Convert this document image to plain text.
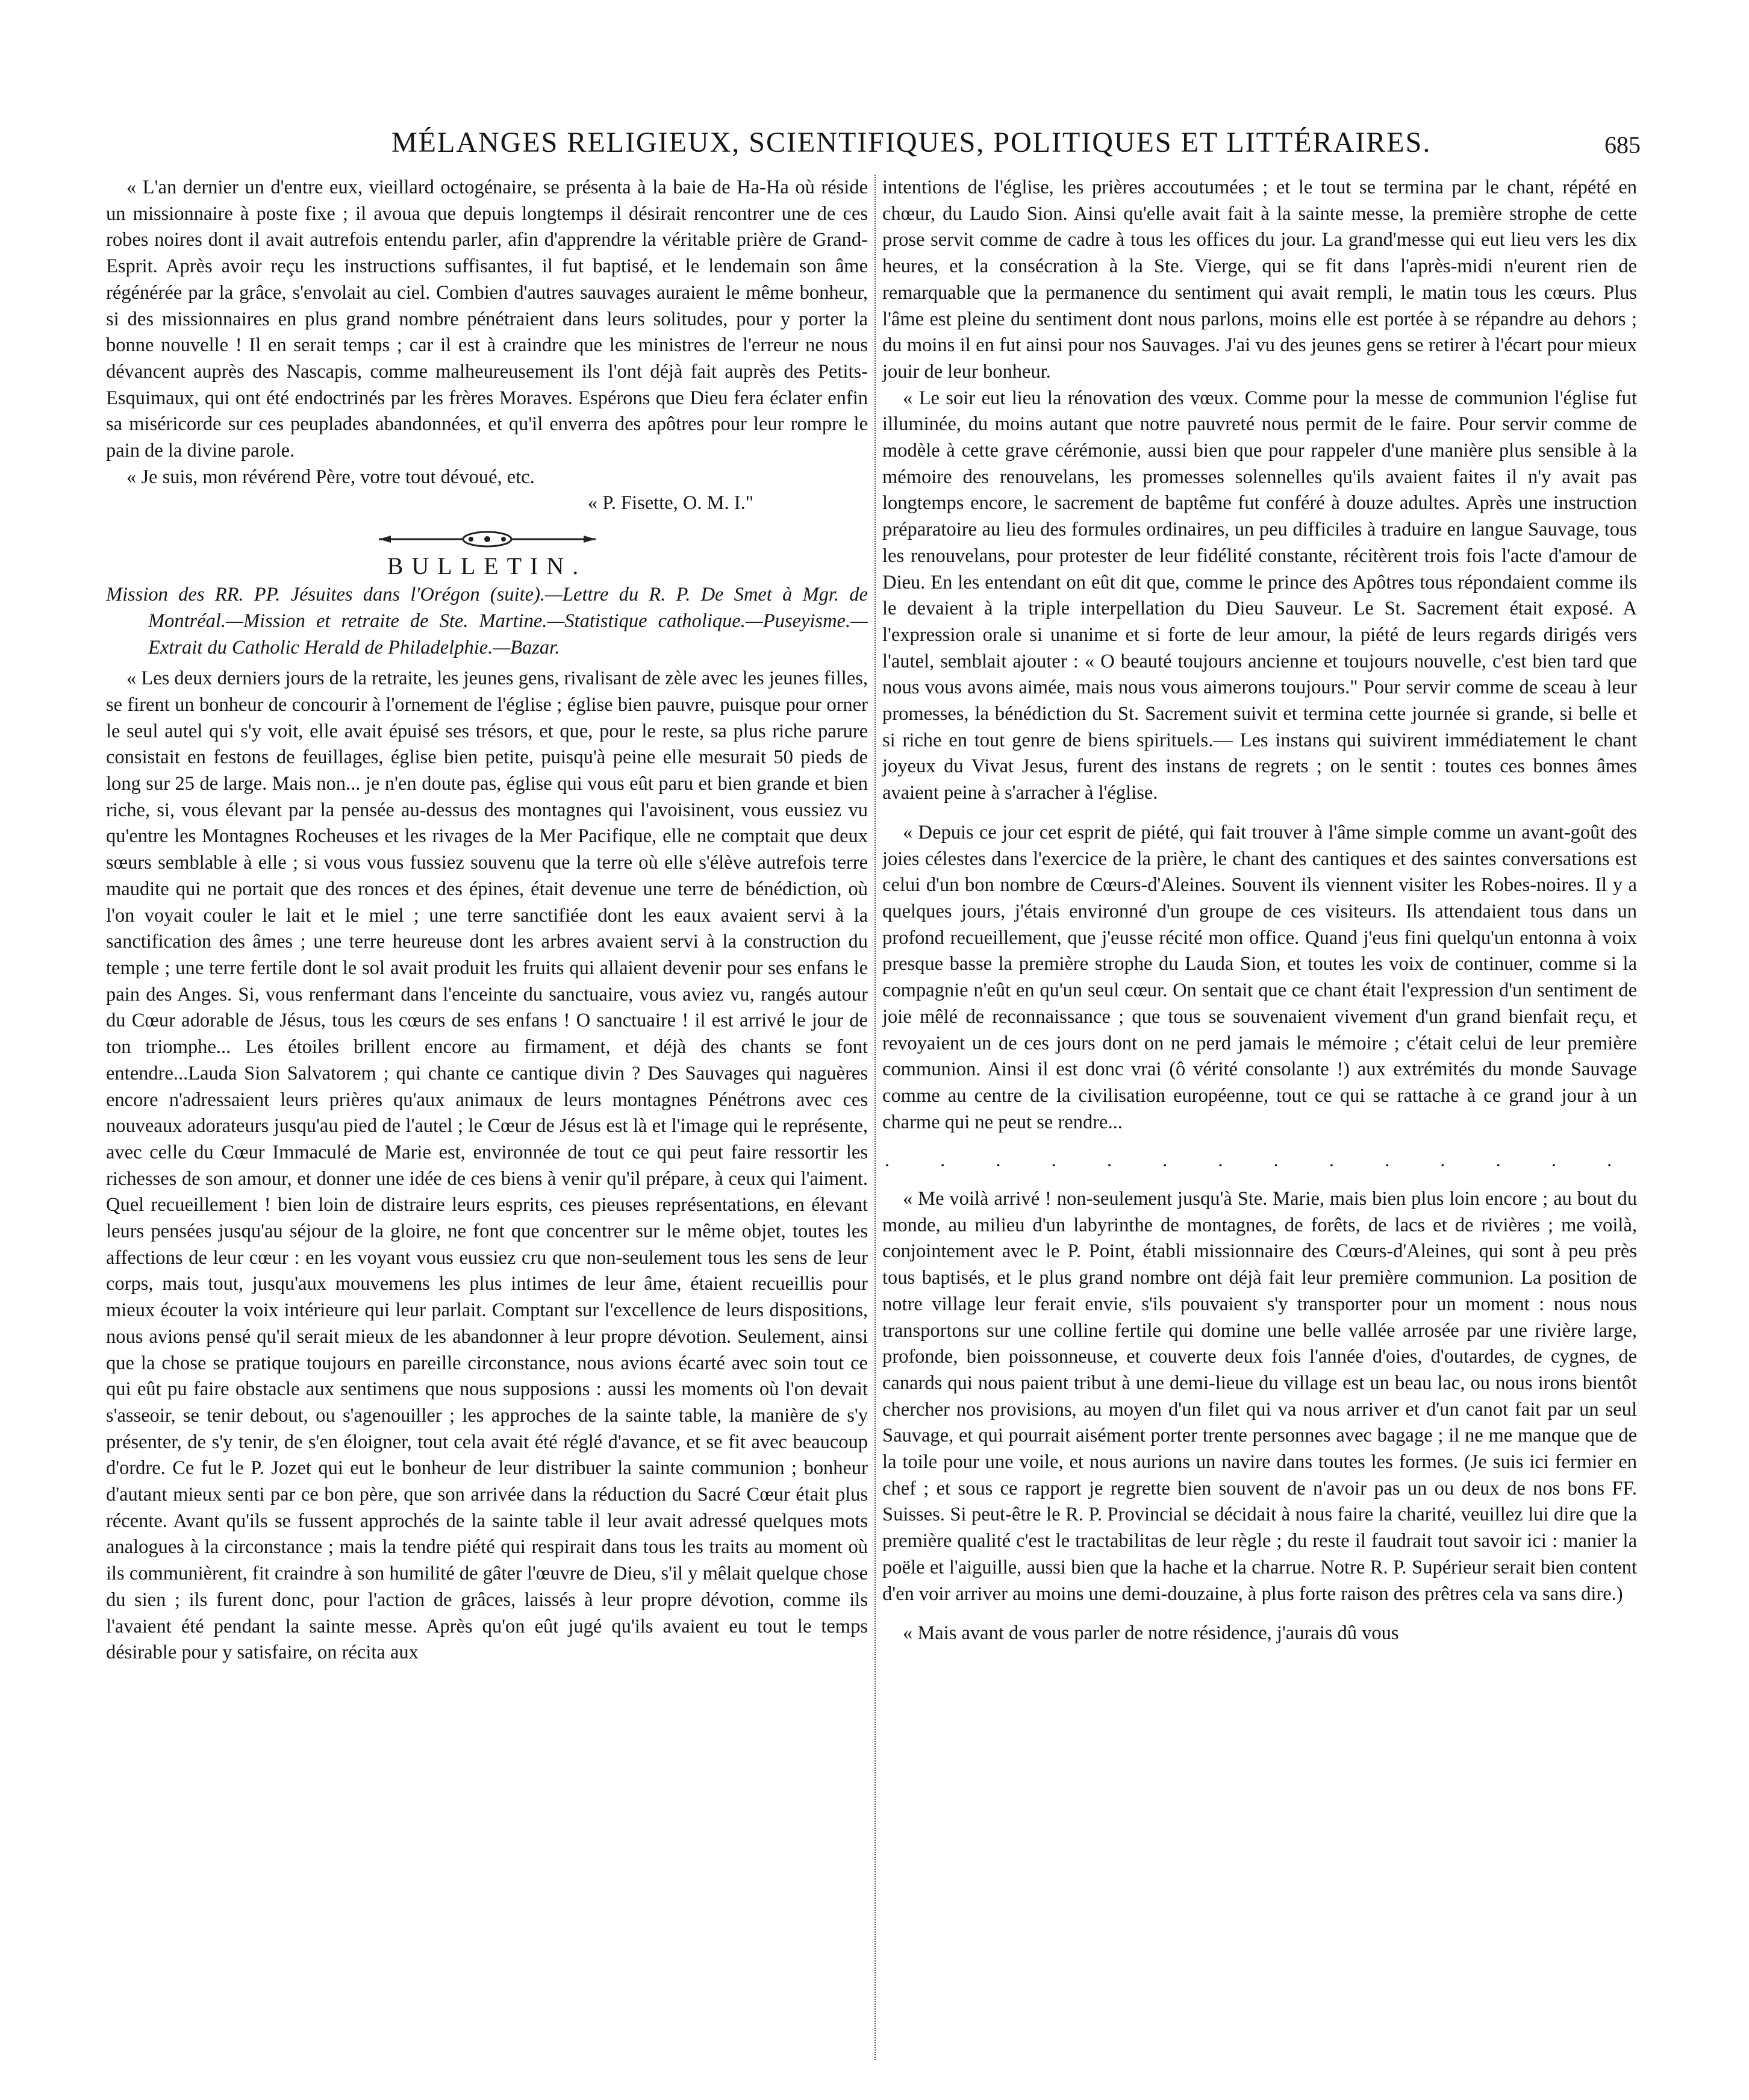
MÉLANGES RELIGIEUX, SCIENTIFIQUES, POLITIQUES ET LITTÉRAIRES.	685

« L'an dernier un d'entre eux, vieillard octogénaire, se présenta à la baie de Ha-Ha où réside un missionnaire à poste fixe ; il avoua que depuis longtemps il désirait rencontrer une de ces robes noires dont il avait autrefois entendu parler, afin d'apprendre la véritable prière de Grand-Esprit. Après avoir reçu les instructions suffisantes, il fut baptisé, et le lendemain son âme régénérée par la grâce, s'envolait au ciel. Combien d'autres sauvages auraient le même bonheur, si des missionnaires en plus grand nombre pénétraient dans leurs solitudes, pour y porter la bonne nouvelle ! Il en serait temps ; car il est à craindre que les ministres de l'erreur ne nous dévancent auprès des Nascapis, comme malheureusement ils l'ont déjà fait auprès des Petits-Esquimaux, qui ont été endoctrinés par les frères Moraves. Espérons que Dieu fera éclater enfin sa miséricorde sur ces peuplades abandonnées, et qu'il enverra des apôtres pour leur rompre le pain de la divine parole.

« Je suis, mon révérend Père, votre tout dévoué, etc.

« P. Fisette, O. M. I."

BULLETIN.

Mission des RR. PP. Jésuites dans l'Orégon (suite).—Lettre du R. P. De Smet à Mgr. de Montréal.—Mission et retraite de Ste. Martine.—Statistique catholique.—Puseyisme.—Extrait du Catholic Herald de Philadelphie.—Bazar.

« Les deux derniers jours de la retraite, les jeunes gens, rivalisant de zèle avec les jeunes filles, se firent un bonheur de concourir à l'ornement de l'église ; église bien pauvre, puisque pour orner le seul autel qui s'y voit, elle avait épuisé ses trésors, et que, pour le reste, sa plus riche parure consistait en festons de feuillages, église bien petite, puisqu'à peine elle mesurait 50 pieds de long sur 25 de large. Mais non... je n'en doute pas, église qui vous eût paru et bien grande et bien riche, si, vous élevant par la pensée au-dessus des montagnes qui l'avoisinent, vous eussiez vu qu'entre les Montagnes Rocheuses et les rivages de la Mer Pacifique, elle ne comptait que deux sœurs semblable à elle ; si vous vous fussiez souvenu que la terre où elle s'élève autrefois terre maudite qui ne portait que des ronces et des épines, était devenue une terre de bénédiction, où l'on voyait couler le lait et le miel ; une terre sanctifiée dont les eaux avaient servi à la sanctification des âmes ; une terre heureuse dont les arbres avaient servi à la construction du temple ; une terre fertile dont le sol avait produit les fruits qui allaient devenir pour ses enfans le pain des Anges. Si, vous renfermant dans l'enceinte du sanctuaire, vous aviez vu, rangés autour du Cœur adorable de Jésus, tous les cœurs de ses enfans ! O sanctuaire ! il est arrivé le jour de ton triomphe... Les étoiles brillent encore au firmament, et déjà des chants se font entendre...Lauda Sion Salvatorem ; qui chante ce cantique divin ? Des Sauvages qui naguères encore n'adressaient leurs prières qu'aux animaux de leurs montagnes Pénétrons avec ces nouveaux adorateurs jusqu'au pied de l'autel ; le Cœur de Jésus est là et l'image qui le représente, avec celle du Cœur Immaculé de Marie est, environnée de tout ce qui peut faire ressortir les richesses de son amour, et donner une idée de ces biens à venir qu'il prépare, à ceux qui l'aiment. Quel recueillement ! bien loin de distraire leurs esprits, ces pieuses représentations, en élevant leurs pensées jusqu'au séjour de la gloire, ne font que concentrer sur le même objet, toutes les affections de leur cœur : en les voyant vous eussiez cru que non-seulement tous les sens de leur corps, mais tout, jusqu'aux mouvemens les plus intimes de leur âme, étaient recueillis pour mieux écouter la voix intérieure qui leur parlait. Comptant sur l'excellence de leurs dispositions, nous avions pensé qu'il serait mieux de les abandonner à leur propre dévotion. Seulement, ainsi que la chose se pratique toujours en pareille circonstance, nous avions écarté avec soin tout ce qui eût pu faire obstacle aux sentimens que nous supposions : aussi les moments où l'on devait s'asseoir, se tenir debout, ou s'agenouiller ; les approches de la sainte table, la manière de s'y présenter, de s'y tenir, de s'en éloigner, tout cela avait été réglé d'avance, et se fit avec beaucoup d'ordre. Ce fut le P. Jozet qui eut le bonheur de leur distribuer la sainte communion ; bonheur d'autant mieux senti par ce bon père, que son arrivée dans la réduction du Sacré Cœur était plus récente. Avant qu'ils se fussent approchés de la sainte table il leur avait adressé quelques mots analogues à la circonstance ; mais la tendre piété qui respirait dans tous les traits au moment où ils communièrent, fit craindre à son humilité de gâter l'œuvre de Dieu, s'il y mêlait quelque chose du sien ; ils furent donc, pour l'action de grâces, laissés à leur propre dévotion, comme ils l'avaient été pendant la sainte messe. Après qu'on eût jugé qu'ils avaient eu tout le temps désirable pour y satisfaire, on récita aux

intentions de l'église, les prières accoutumées ; et le tout se termina par le chant, répété en chœur, du Laudo Sion. Ainsi qu'elle avait fait à la sainte messe, la première strophe de cette prose servit comme de cadre à tous les offices du jour. La grand'messe qui eut lieu vers les dix heures, et la consécration à la Ste. Vierge, qui se fit dans l'après-midi n'eurent rien de remarquable que la permanence du sentiment qui avait rempli, le matin tous les cœurs. Plus l'âme est pleine du sentiment dont nous parlons, moins elle est portée à se répandre au dehors ; du moins il en fut ainsi pour nos Sauvages. J'ai vu des jeunes gens se retirer à l'écart pour mieux jouir de leur bonheur.

« Le soir eut lieu la rénovation des vœux. Comme pour la messe de communion l'église fut illuminée, du moins autant que notre pauvreté nous permit de le faire. Pour servir comme de modèle à cette grave cérémonie, aussi bien que pour rappeler d'une manière plus sensible à la mémoire des renouvelans, les promesses solennelles qu'ils avaient faites il n'y avait pas longtemps encore, le sacrement de baptême fut conféré à douze adultes. Après une instruction préparatoire au lieu des formules ordinaires, un peu difficiles à traduire en langue Sauvage, tous les renouvelans, pour protester de leur fidélité constante, récitèrent trois fois l'acte d'amour de Dieu. En les entendant on eût dit que, comme le prince des Apôtres tous répondaient comme ils le devaient à la triple interpellation du Dieu Sauveur. Le St. Sacrement était exposé. A l'expression orale si unanime et si forte de leur amour, la piété de leurs regards dirigés vers l'autel, semblait ajouter : « O beauté toujours ancienne et toujours nouvelle, c'est bien tard que nous vous avons aimée, mais nous vous aimerons toujours." Pour servir comme de sceau à leur promesses, la bénédiction du St. Sacrement suivit et termina cette journée si grande, si belle et si riche en tout genre de biens spirituels.— Les instans qui suivirent immédiatement le chant joyeux du Vivat Jesus, furent des instans de regrets ; on le sentit : toutes ces bonnes âmes avaient peine à s'arracher à l'église.

« Depuis ce jour cet esprit de piété, qui fait trouver à l'âme simple comme un avant-goût des joies célestes dans l'exercice de la prière, le chant des cantiques et des saintes conversations est celui d'un bon nombre de Cœurs-d'Aleines. Souvent ils viennent visiter les Robes-noires. Il y a quelques jours, j'étais environné d'un groupe de ces visiteurs. Ils attendaient tous dans un profond recueillement, que j'eusse récité mon office. Quand j'eus fini quelqu'un entonna à voix presque basse la première strophe du Lauda Sion, et toutes les voix de continuer, comme si la compagnie n'eût en qu'un seul cœur. On sentait que ce chant était l'expression d'un sentiment de joie mêlé de reconnaissance ; que tous se souvenaient vivement d'un grand bienfait reçu, et revoyaient un de ces jours dont on ne perd jamais le mémoire ; c'était celui de leur première communion. Ainsi il est donc vrai (ô vérité consolante !) aux extrémités du monde Sauvage comme au centre de la civilisation européenne, tout ce qui se rattache à ce grand jour à un charme qui ne peut se rendre...

. . . . . . . . . . . . . .

« Me voilà arrivé ! non-seulement jusqu'à Ste. Marie, mais bien plus loin encore ; au bout du monde, au milieu d'un labyrinthe de montagnes, de forêts, de lacs et de rivières ; me voilà, conjointement avec le P. Point, établi missionnaire des Cœurs-d'Aleines, qui sont à peu près tous baptisés, et le plus grand nombre ont déjà fait leur première communion. La position de notre village leur ferait envie, s'ils pouvaient s'y transporter pour un moment : nous nous transportons sur une colline fertile qui domine une belle vallée arrosée par une rivière large, profonde, bien poissonneuse, et couverte deux fois l'année d'oies, d'outardes, de cygnes, de canards qui nous paient tribut à une demi-lieue du village est un beau lac, ou nous irons bientôt chercher nos provisions, au moyen d'un filet qui va nous arriver et d'un canot fait par un seul Sauvage, et qui pourrait aisément porter trente personnes avec bagage ; il ne me manque que de la toile pour une voile, et nous aurions un navire dans toutes les formes. (Je suis ici fermier en chef ; et sous ce rapport je regrette bien souvent de n'avoir pas un ou deux de nos bons FF. Suisses. Si peut-être le R. P. Provincial se décidait à nous faire la charité, veuillez lui dire que la première qualité c'est le tractabilitas de leur règle ; du reste il faudrait tout savoir ici : manier la poële et l'aiguille, aussi bien que la hache et la charrue. Notre R. P. Supérieur serait bien content d'en voir arriver au moins une demi-douzaine, à plus forte raison des prêtres cela va sans dire.)

« Mais avant de vous parler de notre résidence, j'aurais dû vous
